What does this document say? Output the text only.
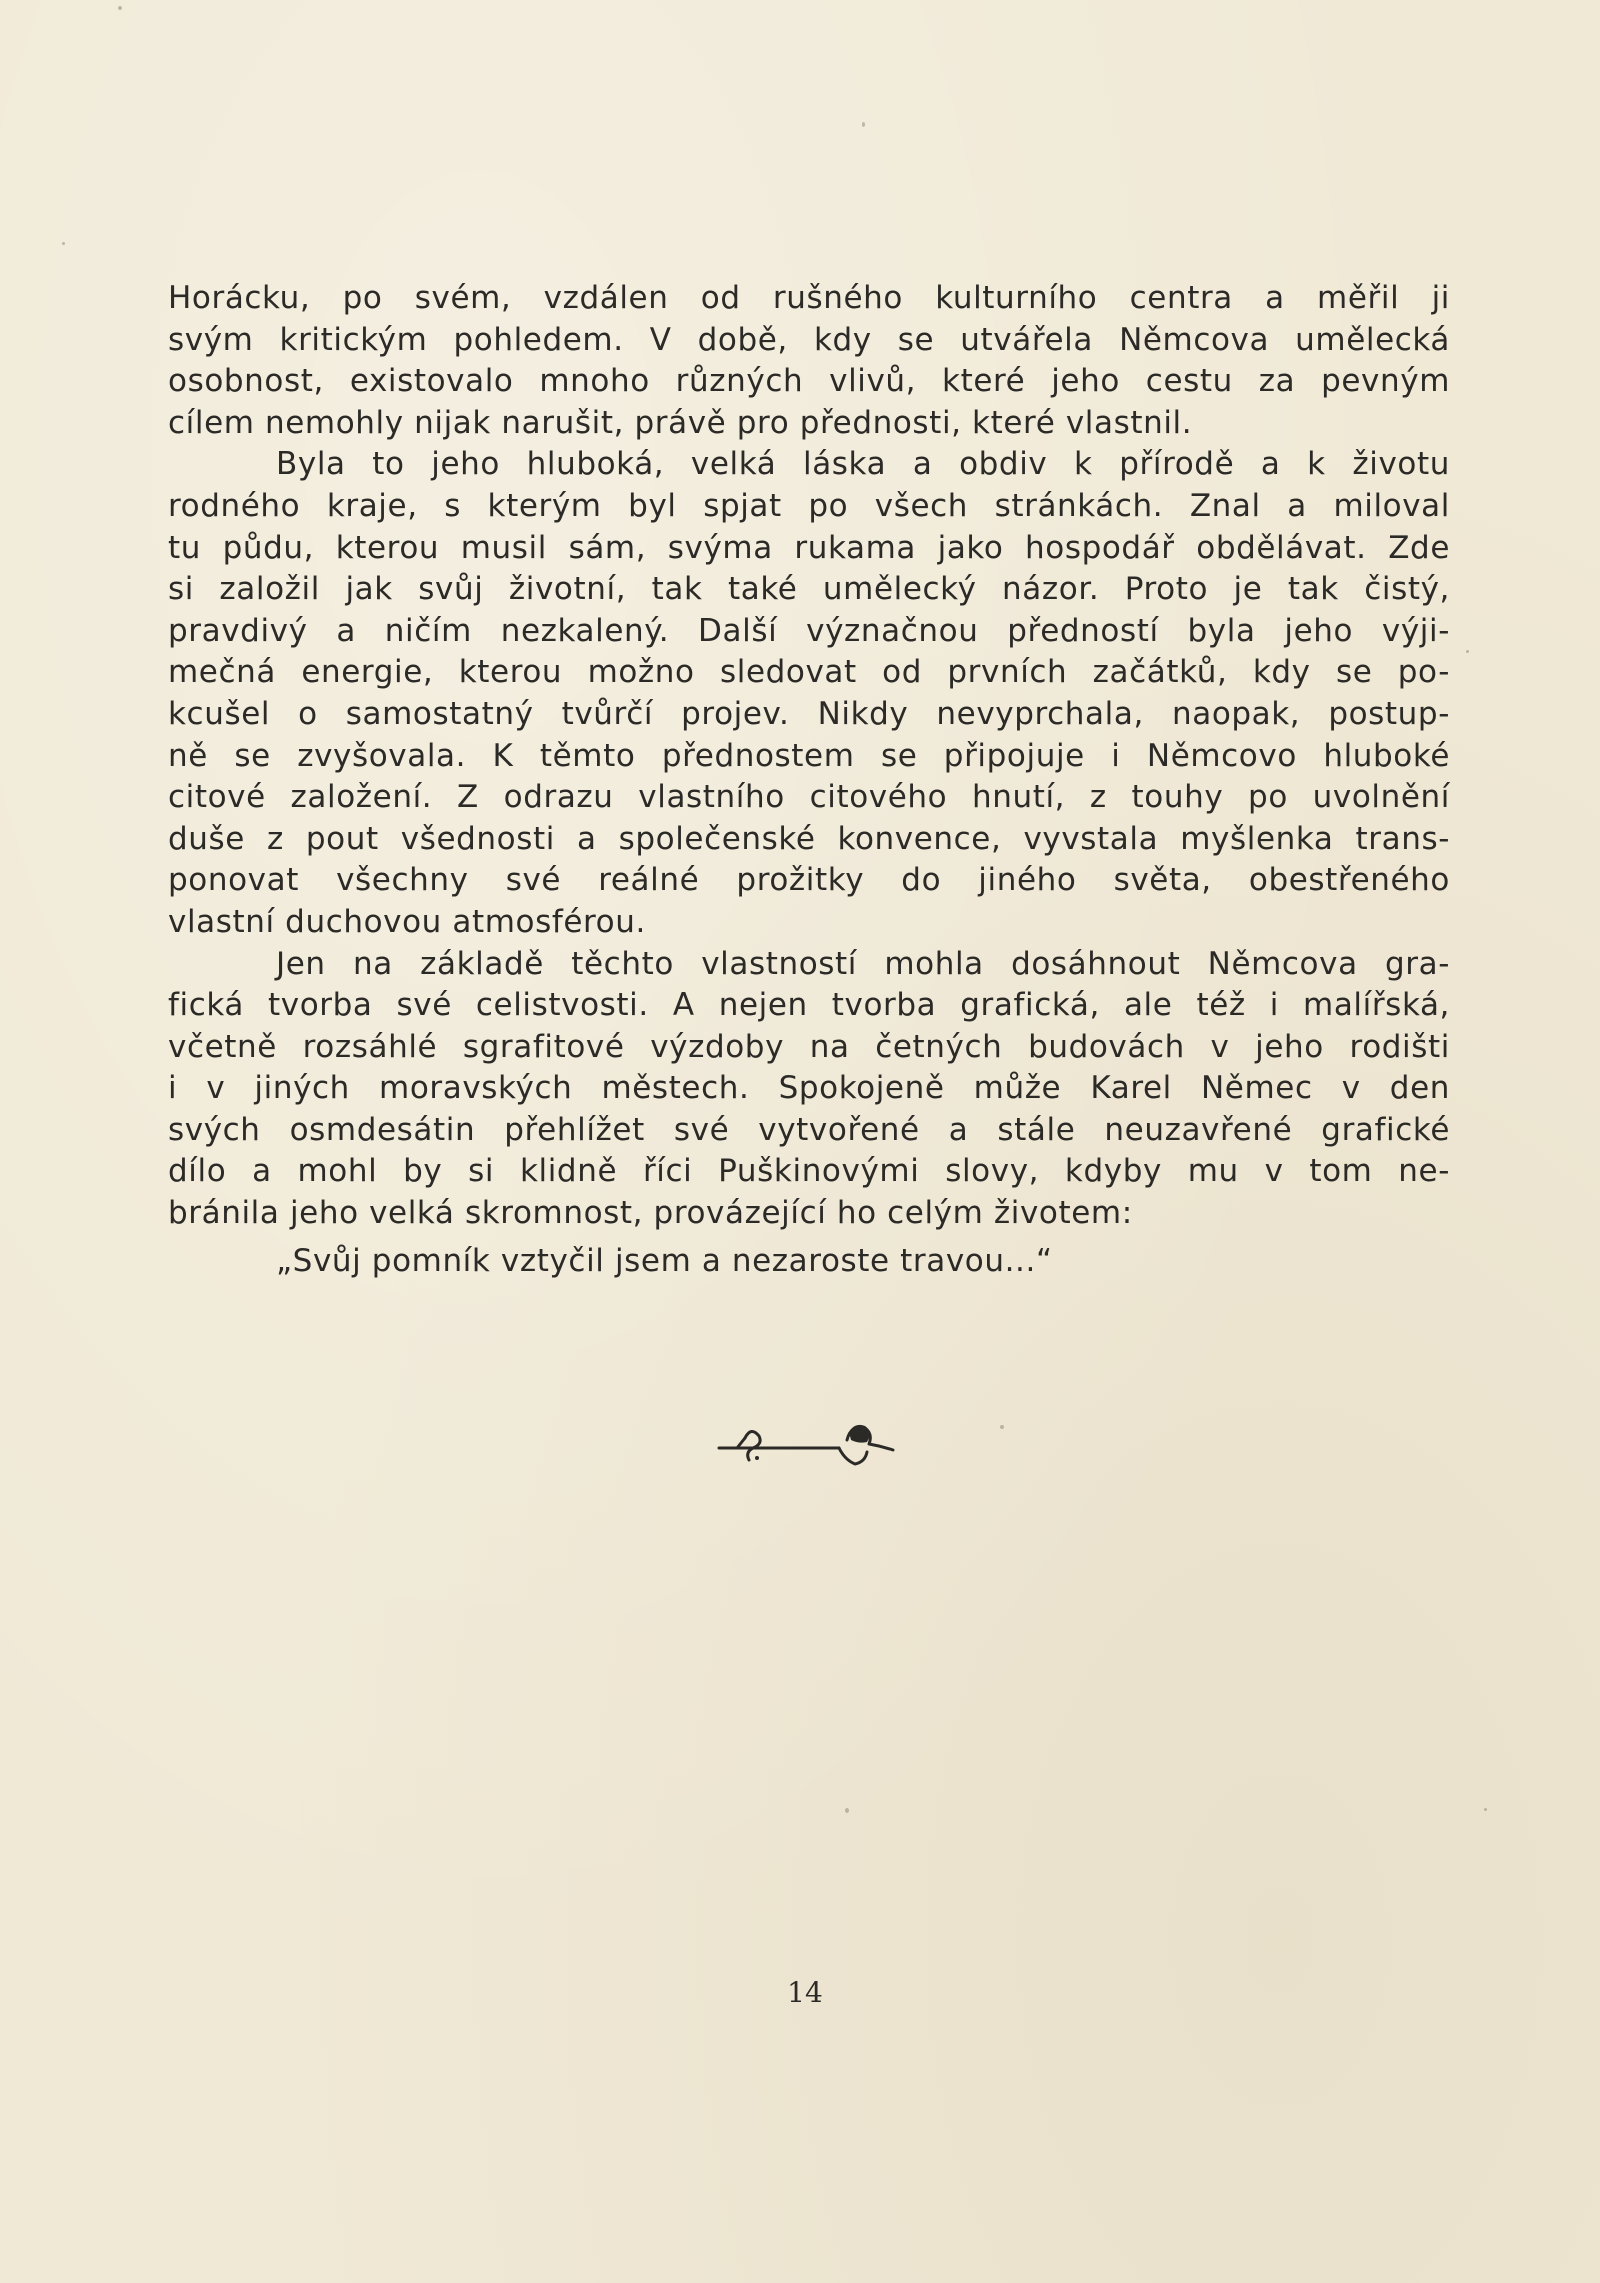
Horácku, po svém, vzdálen od rušného kulturního centra a měřil ji
svým kritickým pohledem. V době, kdy se utvářela Němcova umělecká
osobnost, existovalo mnoho různých vlivů, které jeho cestu za pevným
cílem nemohly nijak narušit, právě pro přednosti, které vlastnil.
Byla to jeho hluboká, velká láska a obdiv k přírodě a k životu
rodného kraje, s kterým byl spjat po všech stránkách. Znal a miloval
tu půdu, kterou musil sám, svýma rukama jako hospodář obdělávat. Zde
si založil jak svůj životní, tak také umělecký názor. Proto je tak čistý,
pravdivý a ničím nezkalený. Další význačnou předností byla jeho výji-
mečná energie, kterou možno sledovat od prvních začátků, kdy se po-
kcušel o samostatný tvůrčí projev. Nikdy nevyprchala, naopak, postup-
ně se zvyšovala. K těmto přednostem se připojuje i Němcovo hluboké
citové založení. Z odrazu vlastního citového hnutí, z touhy po uvolnění
duše z pout všednosti a společenské konvence, vyvstala myšlenka trans-
ponovat všechny své reálné prožitky do jiného světa, obestřeného
vlastní duchovou atmosférou.
Jen na základě těchto vlastností mohla dosáhnout Němcova gra-
fická tvorba své celistvosti. A nejen tvorba grafická, ale též i malířská,
včetně rozsáhlé sgrafitové výzdoby na četných budovách v jeho rodišti
i v jiných moravských městech. Spokojeně může Karel Němec v den
svých osmdesátin přehlížet své vytvořené a stále neuzavřené grafické
dílo a mohl by si klidně říci Puškinovými slovy, kdyby mu v tom ne-
bránila jeho velká skromnost, provázející ho celým životem:
„Svůj pomník vztyčil jsem a nezaroste travou...“
14
